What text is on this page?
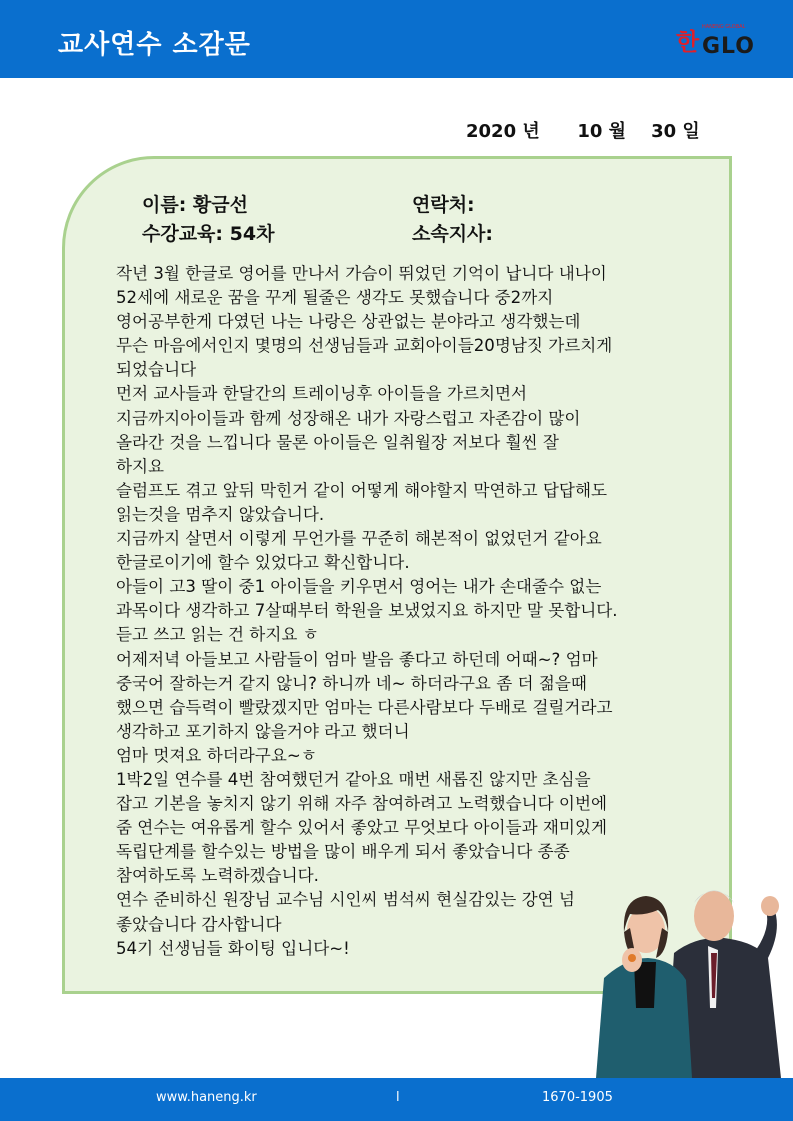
교사연수 소감문	한
HANENG GLOBAL
GLO
2020 년      10 월    30 일
이름: 황금선	연락처:
수강교육: 54차	소속지사:
작년 3월 한글로 영어를 만나서 가슴이 뛰었던 기억이 납니다 내나이
52세에 새로운 꿈을 꾸게 될줄은 생각도 못했습니다 중2까지
영어공부한게 다였던 나는 나랑은 상관없는 분야라고 생각했는데
무슨 마음에서인지 몇명의 선생님들과 교회아이들20명남짓 가르치게
되었습니다
먼저 교사들과 한달간의 트레이닝후 아이들을 가르치면서
지금까지아이들과 함께 성장해온 내가 자랑스럽고 자존감이 많이
올라간 것을 느낍니다 물론 아이들은 일취월장 저보다 훨씬 잘
하지요
슬럼프도 겪고 앞뒤 막힌거 같이 어떻게 해야할지 막연하고 답답해도
읽는것을 멈추지 않았습니다.
지금까지 살면서 이렇게 무언가를 꾸준히 해본적이 없었던거 같아요
한글로이기에 할수 있었다고 확신합니다.
아들이 고3 딸이 중1 아이들을 키우면서 영어는 내가 손대줄수 없는
과목이다 생각하고 7살때부터 학원을 보냈었지요 하지만 말 못합니다.
듣고 쓰고 읽는 건 하지요 ㅎ
어제저녁 아들보고 사람들이 엄마 발음 좋다고 하던데 어때~? 엄마
중국어 잘하는거 같지 않니? 하니까 네~ 하더라구요 좀 더 젊을때
했으면 습득력이 빨랐겠지만 엄마는 다른사람보다 두배로 걸릴거라고
생각하고 포기하지 않을거야 라고 했더니
엄마 멋져요 하더라구요~ㅎ
1박2일 연수를 4번 참여했던거 같아요 매번 새롭진 않지만 초심을
잡고 기본을 놓치지 않기 위해 자주 참여하려고 노력했습니다 이번에
줌 연수는 여유롭게 할수 있어서 좋았고 무엇보다 아이들과 재미있게
독립단계를 할수있는 방법을 많이 배우게 되서 좋았습니다 종종
참여하도록 노력하겠습니다.
연수 준비하신 원장님 교수님 시인씨 범석씨 현실감있는 강연 넘
좋았습니다 감사합니다
54기 선생님들 화이팅 입니다~!
www.haneng.kr	l	1670-1905
